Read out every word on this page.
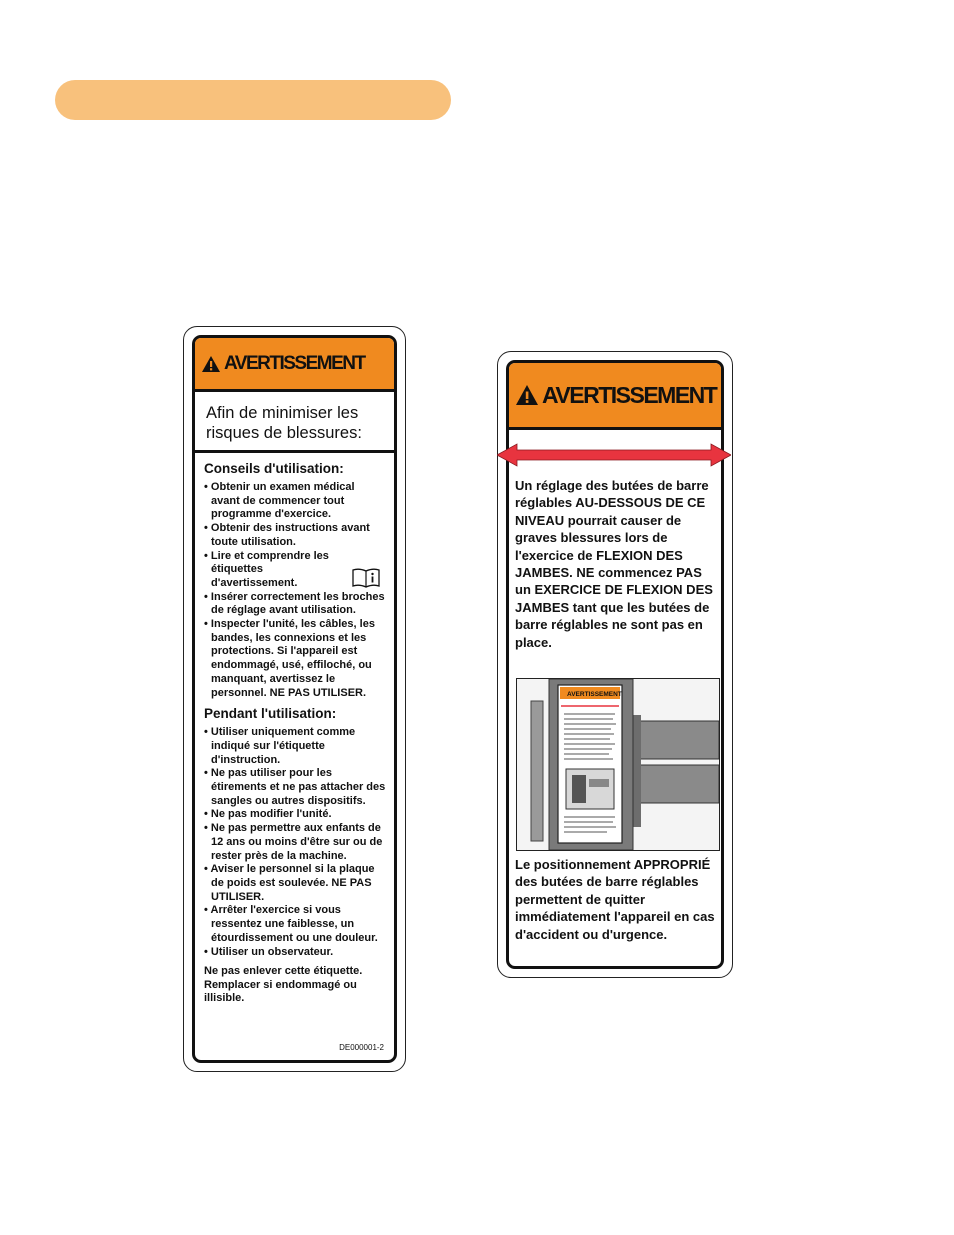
AVERTISSEMENT
Afin de minimiser les
risques de blessures:
Conseils d'utilisation:
• Obtenir un examen médical avant de commencer tout programme d'exercice.
• Obtenir des instructions avant toute utilisation.
• Lire et comprendre les étiquettes d'avertissement.
• Insérer correctement les broches de réglage avant utilisation.
• Inspecter l'unité, les câbles, les bandes, les connexions et les protections. Si l'appareil est endommagé, usé, effiloché, ou manquant, avertissez le personnel. NE PAS UTILISER.
Pendant l'utilisation:
• Utiliser uniquement comme indiqué sur l'étiquette d'instruction.
• Ne pas utiliser pour les étirements et ne pas attacher des sangles ou autres dispositifs.
• Ne pas modifier l'unité.
• Ne pas permettre aux enfants de 12 ans ou moins d'être sur ou de rester près de la machine.
• Aviser le personnel si la plaque de poids est soulevée. NE PAS UTILISER.
• Arrêter l'exercice si vous ressentez une faiblesse, un étourdissement ou une douleur.
• Utiliser un observateur.
Ne pas enlever cette étiquette. Remplacer si endommagé ou illisible.
DE000001-2
AVERTISSEMENT
Un réglage des butées de barre réglables AU-DESSOUS DE CE NIVEAU pourrait causer de graves blessures lors de l'exercice de FLEXION DES JAMBES. NE commencez PAS un EXERCICE DE FLEXION DES JAMBES tant que les butées de barre réglables ne sont pas en place.
AVERTISSEMENT
Le positionnement APPROPRIÉ des butées de barre réglables permettent de quitter immédiatement l'appareil en cas d'accident ou d'urgence.
